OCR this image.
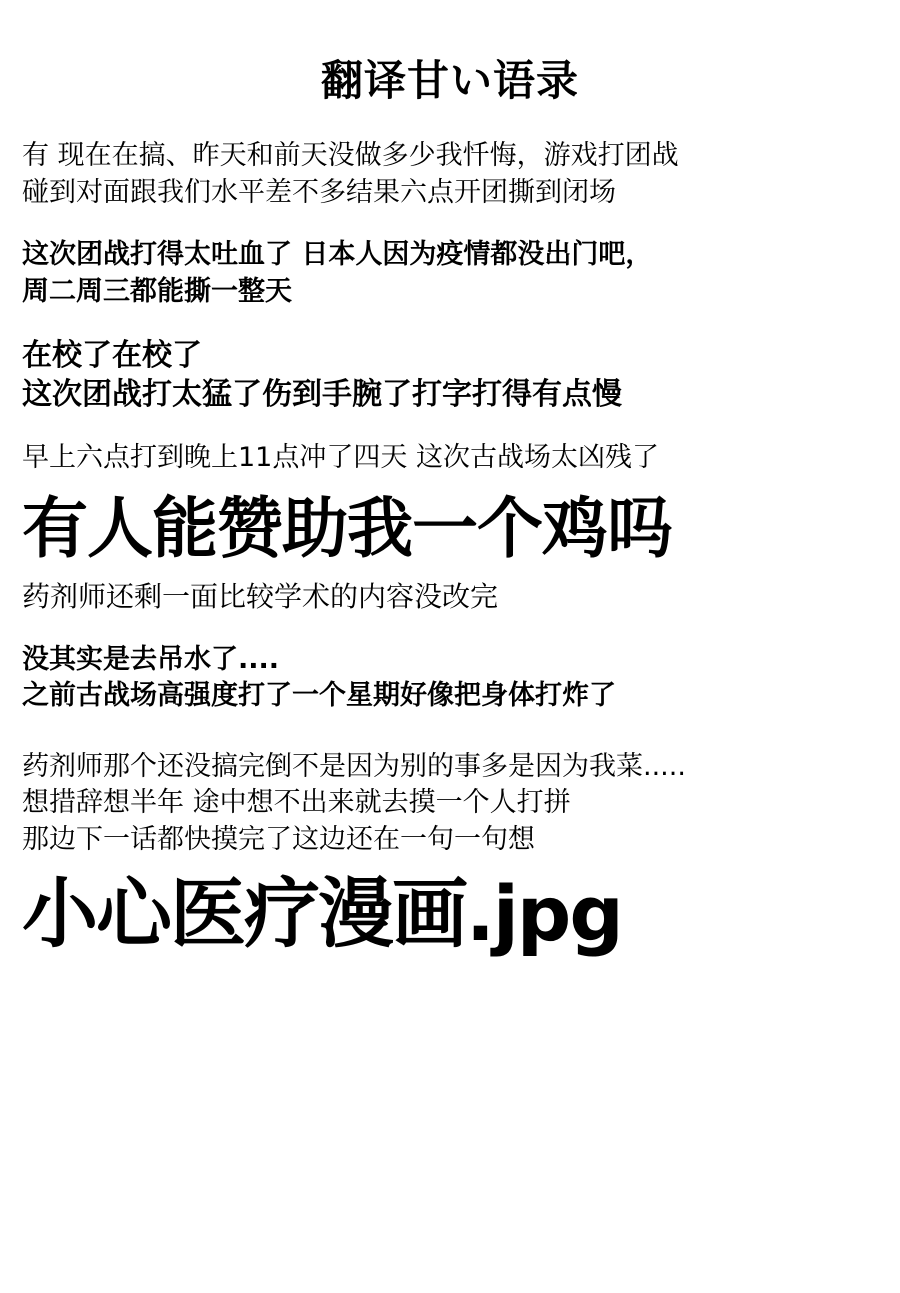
翻译甘い语录
有 现在在搞、昨天和前天没做多少我忏悔，游戏打团战
碰到对面跟我们水平差不多结果六点开团撕到闭场
这次团战打得太吐血了 日本人因为疫情都没出门吧，
周二周三都能撕一整天
在校了在校了
这次团战打太猛了伤到手腕了打字打得有点慢
早上六点打到晚上11点冲了四天 这次古战场太凶残了
有人能赞助我一个鸡吗
药剂师还剩一面比较学术的内容没改完
没其实是去吊水了....
之前古战场高强度打了一个星期好像把身体打炸了
药剂师那个还没搞完倒不是因为别的事多是因为我菜.....
想措辞想半年 途中想不出来就去摸一个人打拼
那边下一话都快摸完了这边还在一句一句想
小心医疗漫画.jpg
